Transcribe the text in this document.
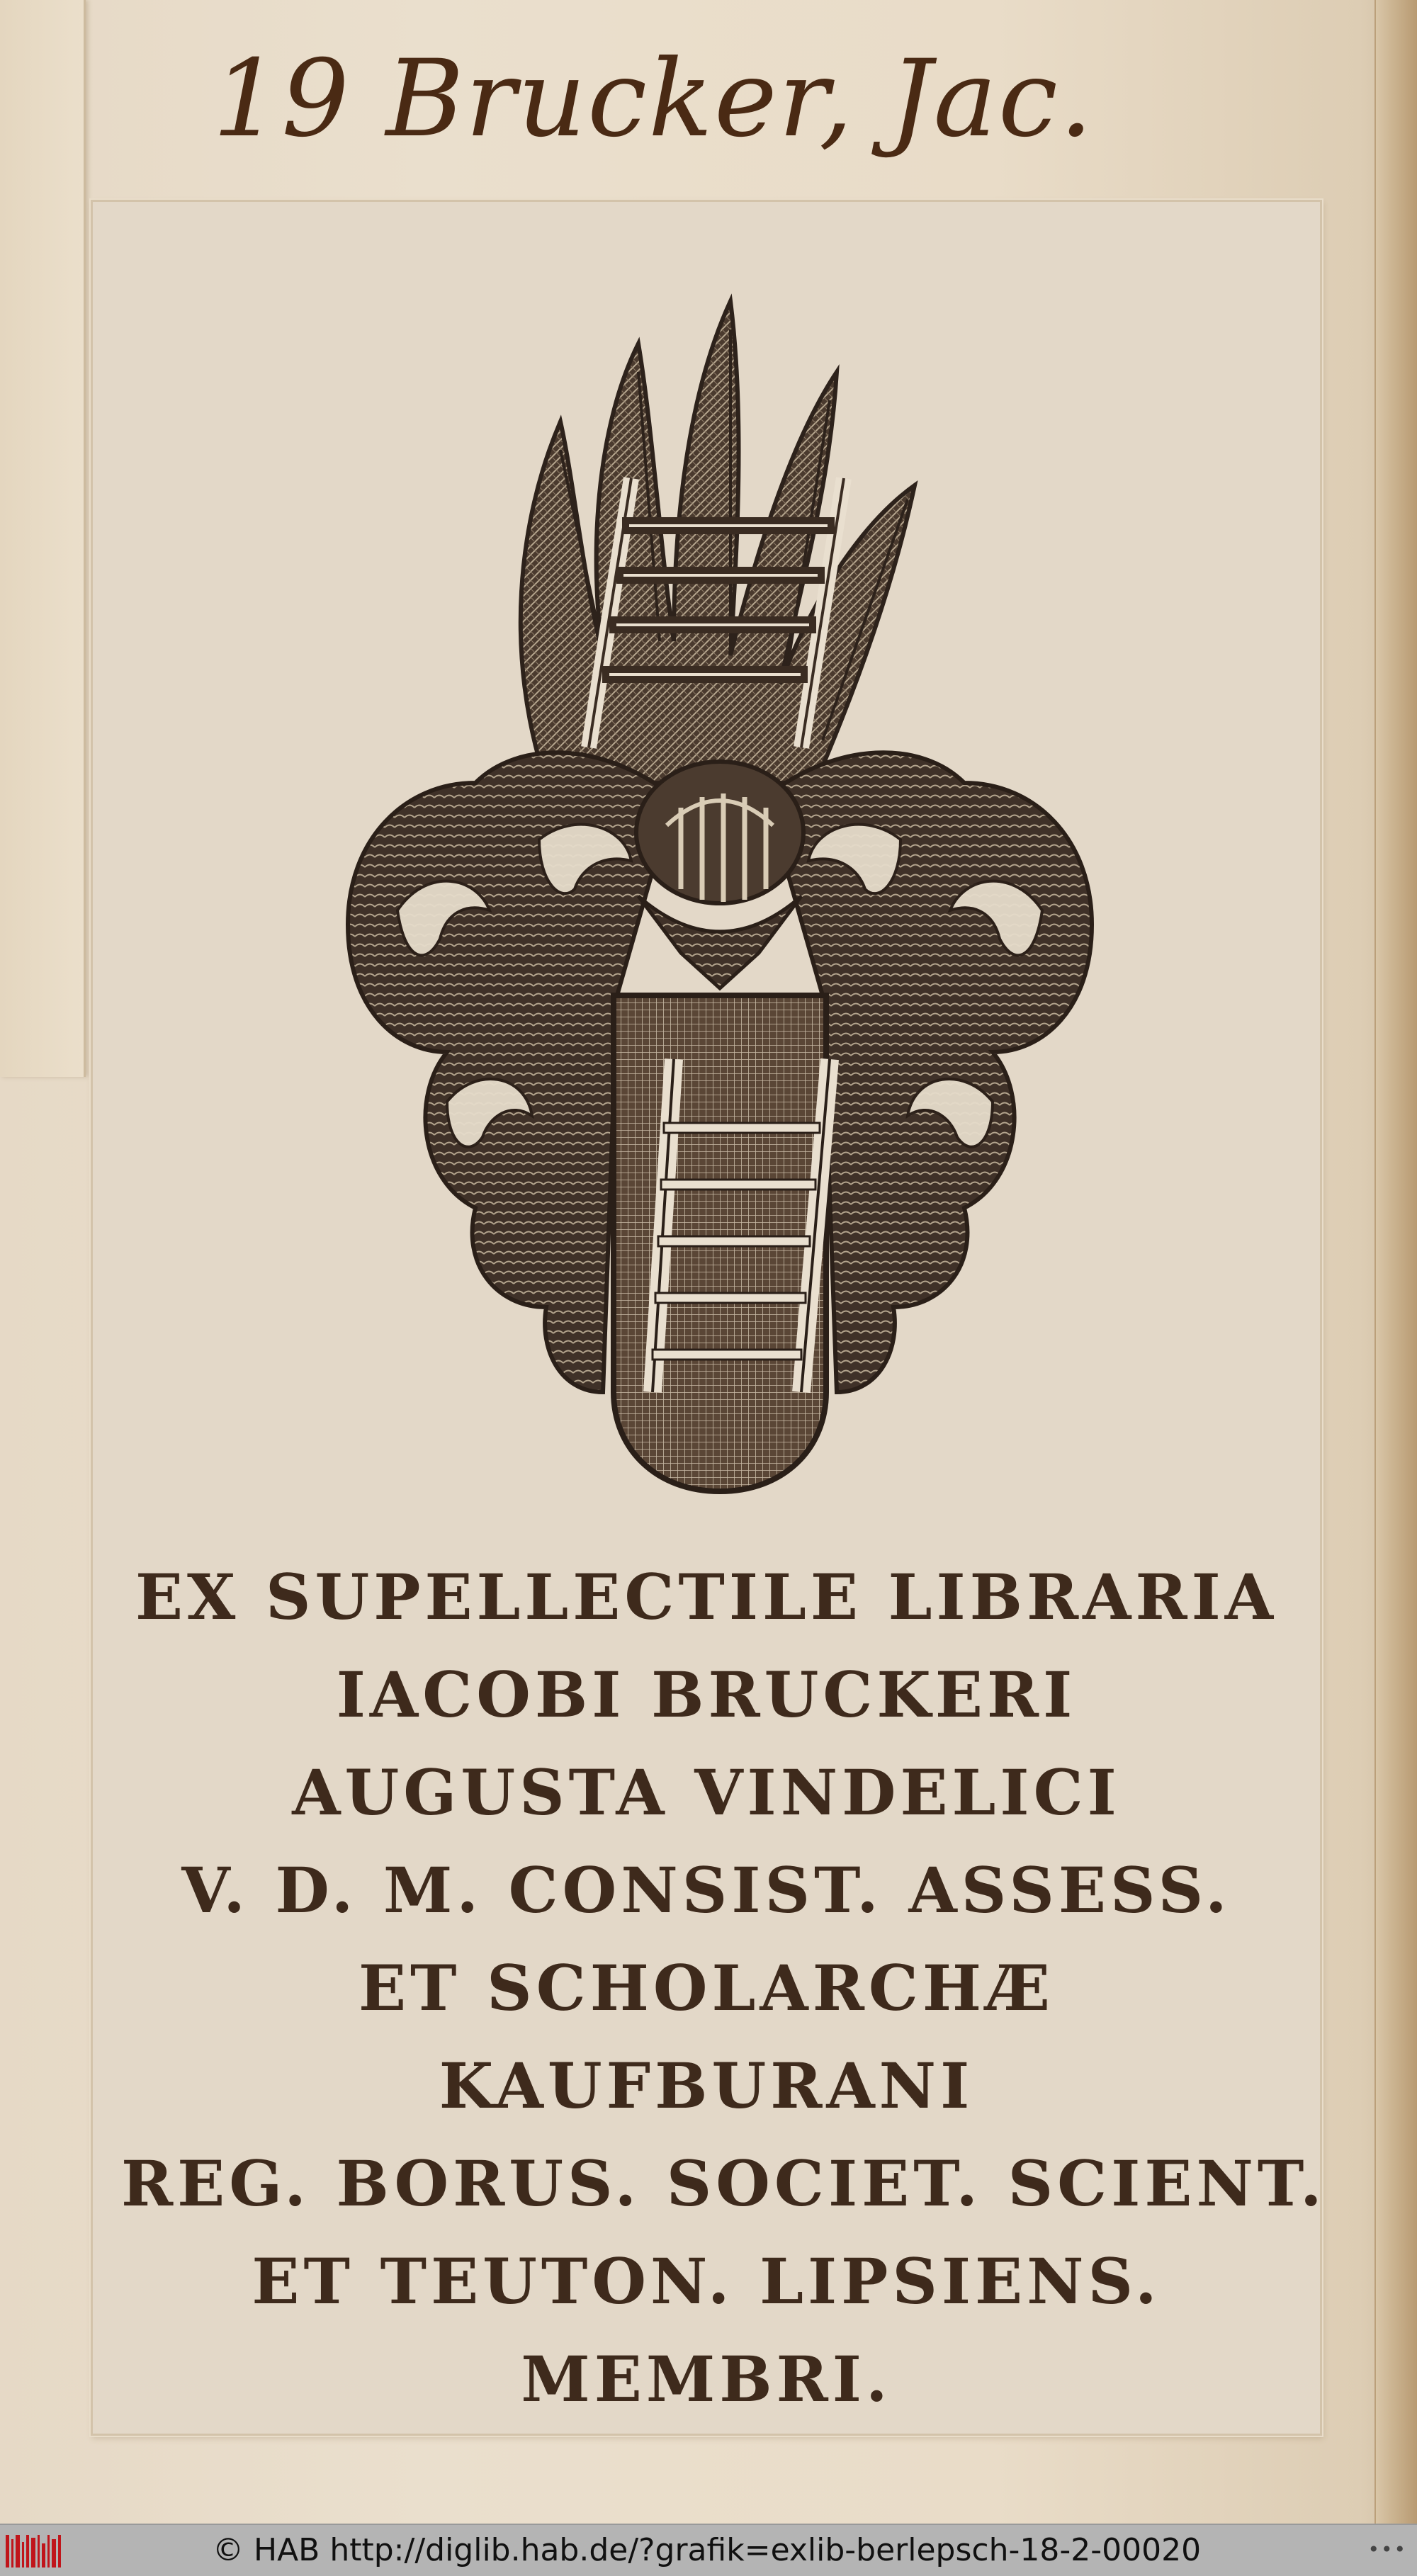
19 Brucker, Jac.
EX SUPELLECTILE LIBRARIA
IACOBI BRUCKERI
AUGUSTA VINDELICI
V. D. M. CONSIST. ASSESS.
ET SCHOLARCHÆ
KAUFBURANI
REG. BORUS. SOCIET. SCIENT.
ET TEUTON. LIPSIENS.
MEMBRI.
© HAB http://diglib.hab.de/?grafik=exlib-berlepsch-18-2-00020	•••
